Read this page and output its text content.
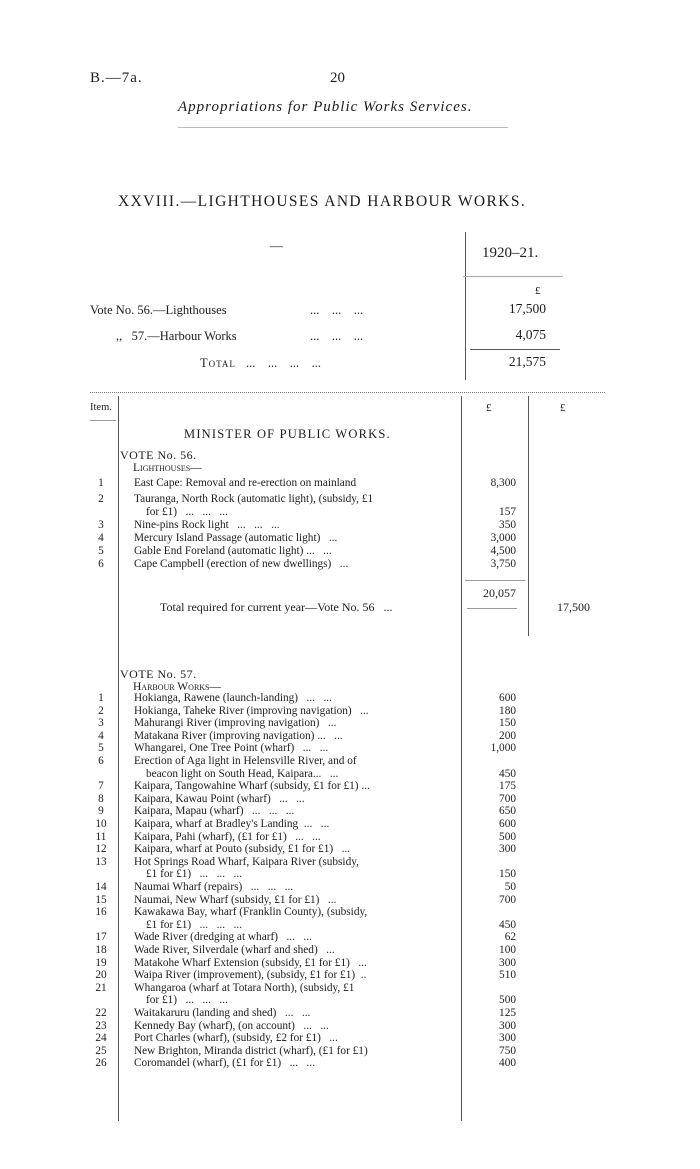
B.—7a.	20
Appropriations for Public Works Services.
XXVIII.—LIGHTHOUSES AND HARBOUR WORKS.
—	1920–21.
£
Vote No. 56.—Lighthouses	...    ...    ...	17,500
,,   57.—Harbour Works	...    ...    ...	4,075
Total ...    ...    ...    ...	21,575
Item.	£	£
MINISTER OF PUBLIC WORKS.
VOTE No. 56.
Lighthouses—
1	East Cape: Removal and re-erection on mainland	8,300
2	Tauranga, North Rock (automatic light), (subsidy, £1
for £1)   ...   ...   ...	157
3	Nine-pins Rock light   ...   ...   ...	350
4	Mercury Island Passage (automatic light)   ...	3,000
5	Gable End Foreland (automatic light) ...   ...	4,500
6	Cape Campbell (erection of new dwellings)   ...	3,750
20,057
Total required for current year—Vote No. 56   ...	17,500
VOTE No. 57.
Harbour Works—
1	Hokianga, Rawene (launch-landing)   ...   ...	600
2	Hokianga, Taheke River (improving navigation)   ...	180
3	Mahurangi River (improving navigation)   ...	150
4	Matakana River (improving navigation) ...   ...	200
5	Whangarei, One Tree Point (wharf)   ...   ...	1,000
6	Erection of Aga light in Helensville River, and of
beacon light on South Head, Kaipara...   ...	450
7	Kaipara, Tangowahine Wharf (subsidy, £1 for £1) ...	175
8	Kaipara, Kawau Point (wharf)   ...   ...	700
9	Kaipara, Mapau (wharf)   ...   ...   ...	650
10	Kaipara, wharf at Bradley's Landing  ...   ...	600
11	Kaipara, Pahi (wharf), (£1 for £1)   ...   ...	500
12	Kaipara, wharf at Pouto (subsidy, £1 for £1)   ...	300
13	Hot Springs Road Wharf, Kaipara River (subsidy,
£1 for £1)   ...   ...   ...	150
14	Naumai Wharf (repairs)   ...   ...   ...	50
15	Naumai, New Wharf (subsidy, £1 for £1)   ...	700
16	Kawakawa Bay, wharf (Franklin County), (subsidy,
£1 for £1)   ...   ...   ...	450
17	Wade River (dredging at wharf)   ...   ...	62
18	Wade River, Silverdale (wharf and shed)   ...	100
19	Matakohe Wharf Extension (subsidy, £1 for £1)   ...	300
20	Waipa River (improvement), (subsidy, £1 for £1)  ..	510
21	Whangaroa (wharf at Totara North), (subsidy, £1
for £1)   ...   ...   ...	500
22	Waitakaruru (landing and shed)   ...   ...	125
23	Kennedy Bay (wharf), (on account)   ...   ...	300
24	Port Charles (wharf), (subsidy, £2 for £1)   ...	300
25	New Brighton, Miranda district (wharf), (£1 for £1)	750
26	Coromandel (wharf), (£1 for £1)   ...   ...	400
